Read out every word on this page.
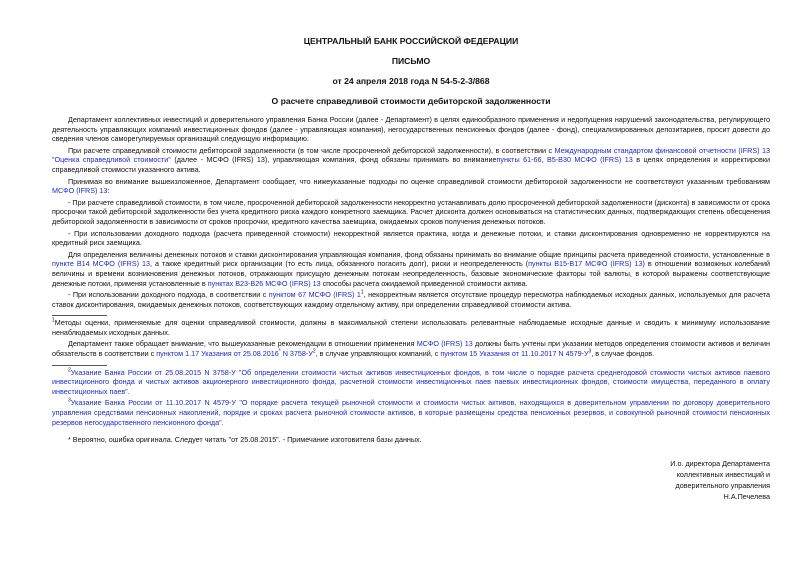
ЦЕНТРАЛЬНЫЙ БАНК РОССИЙСКОЙ ФЕДЕРАЦИИ
ПИСЬМО
от 24 апреля 2018 года N 54-5-2-3/868
О расчете справедливой стоимости дебиторской задолженности

Департамент коллективных инвестиций и доверительного управления Банка России (далее - Департамент) в целях единообразного применения и недопущения нарушений законодательства, регулирующего деятельность управляющих компаний инвестиционных фондов (далее - управляющая компания), негосударственных пенсионных фондов (далее - фонд), специализированных депозитариев, просит довести до сведения членов саморегулируемых организаций следующую информацию.

При расчете справедливой стоимости дебиторской задолженности (в том числе просроченной дебиторской задолженности), в соответствии с Международным стандартом финансовой отчетности (IFRS) 13 "Оценка справедливой стоимости" (далее - МСФО (IFRS) 13), управляющая компания, фонд обязаны принимать во вниманиепункты 61-66, B5-B30 МСФО (IFRS) 13 в целях определения и корректировки справедливой стоимости указанного актива.

Принимая во внимание вышеизложенное, Департамент сообщает, что нижеуказанные подходы по оценке справедливой стоимости дебиторской задолженности не соответствуют указанным требованиям МСФО (IFRS) 13:

- При расчете справедливой стоимости, в том числе, просроченной дебиторской задолженности некорректно устанавливать долю просроченной дебиторской задолженности (дисконта) в зависимости от срока просрочки такой дебиторской задолженности без учета кредитного риска каждого конкретного заемщика. Расчет дисконта должен основываться на статистических данных, подтверждающих степень обесценения дебиторской задолженности в зависимости от сроков просрочки, кредитного качества заемщика, ожидаемых сроков получения денежных потоков.

- При использовании доходного подхода (расчета приведенной стоимости) некорректной является практика, когда и денежные потоки, и ставки дисконтирования одновременно не корректируются на кредитный риск заемщика.

Для определения величины денежных потоков и ставки дисконтирования управляющая компания, фонд обязаны принимать во внимание общие принципы расчета приведенной стоимости, установленные в пункте B14 МСФО (IFRS) 13, а также кредитный риск организации (то есть лица, обязанного погасить долг), риски и неопределенность (пункты B15-B17 МСФО (IFRS) 13) в отношении возможных колебаний величины и времени возникновения денежных потоков, отражающих присущую денежным потокам неопределенность, базовые экономические факторы той валюты, в которой выражены соответствующие денежные потоки, применяя установленные в пунктах B23-B26 МСФО (IFRS) 13 способы расчета ожидаемой приведенной стоимости актива.

- При использовании доходного подхода, в соответствии с пунктом 67 МСФО (IFRS) $1^1$, некорректным является отсутствие процедур пересмотра наблюдаемых исходных данных, используемых для расчета ставок дисконтирования, ожидаемых денежных потоков, соответствующих каждому отдельному активу, при определении справедливой стоимости актива.

$^1$Методы оценки, применяемые для оценки справедливой стоимости, должны в максимальной степени использовать релевантные наблюдаемые исходные данные и сводить к минимуму использование ненаблюдаемых исходных данных.

Департамент также обращает внимание, что вышеуказанные рекомендации в отношении применения МСФО (IFRS) 13 должны быть учтены при указании методов определения стоимости активов и величин обязательств в соответствии с пунктом 1.17 Указания от 25.08.2016* N $3758-У^2$, в случае управляющих компаний, с пунктом 15 Указания от 11.10.2017 N $4579-У^3$, в случае фондов.

$^2$Указание Банка России от 25.08.2015 N 3758-У "Об определении стоимости чистых активов инвестиционных фондов, в том числе о порядке расчета среднегодовой стоимости чистых активов паевого инвестиционного фонда и чистых активов акционерного инвестиционного фонда, расчетной стоимости инвестиционных паев паевых инвестиционных фондов, стоимости имущества, переданного в оплату инвестиционных паев".

$^3$Указание Банка России от 11.10.2017 N 4579-У "О порядке расчета текущей рыночной стоимости и стоимости чистых активов, находящихся в доверительном управлении по договору доверительного управления средствами пенсионных накоплений, порядке и сроках расчета рыночной стоимости активов, в которые размещены средства пенсионных резервов, и совокупной рыночной стоимости пенсионных резервов негосударственного пенсионного фонда".

* Вероятно, ошибка оригинала. Следует читать "от 25.08.2015". - Примечание изготовителя базы данных.

И.о. директора Департамента
коллективных инвестиций и
доверительного управления
Н.А.Печелева
